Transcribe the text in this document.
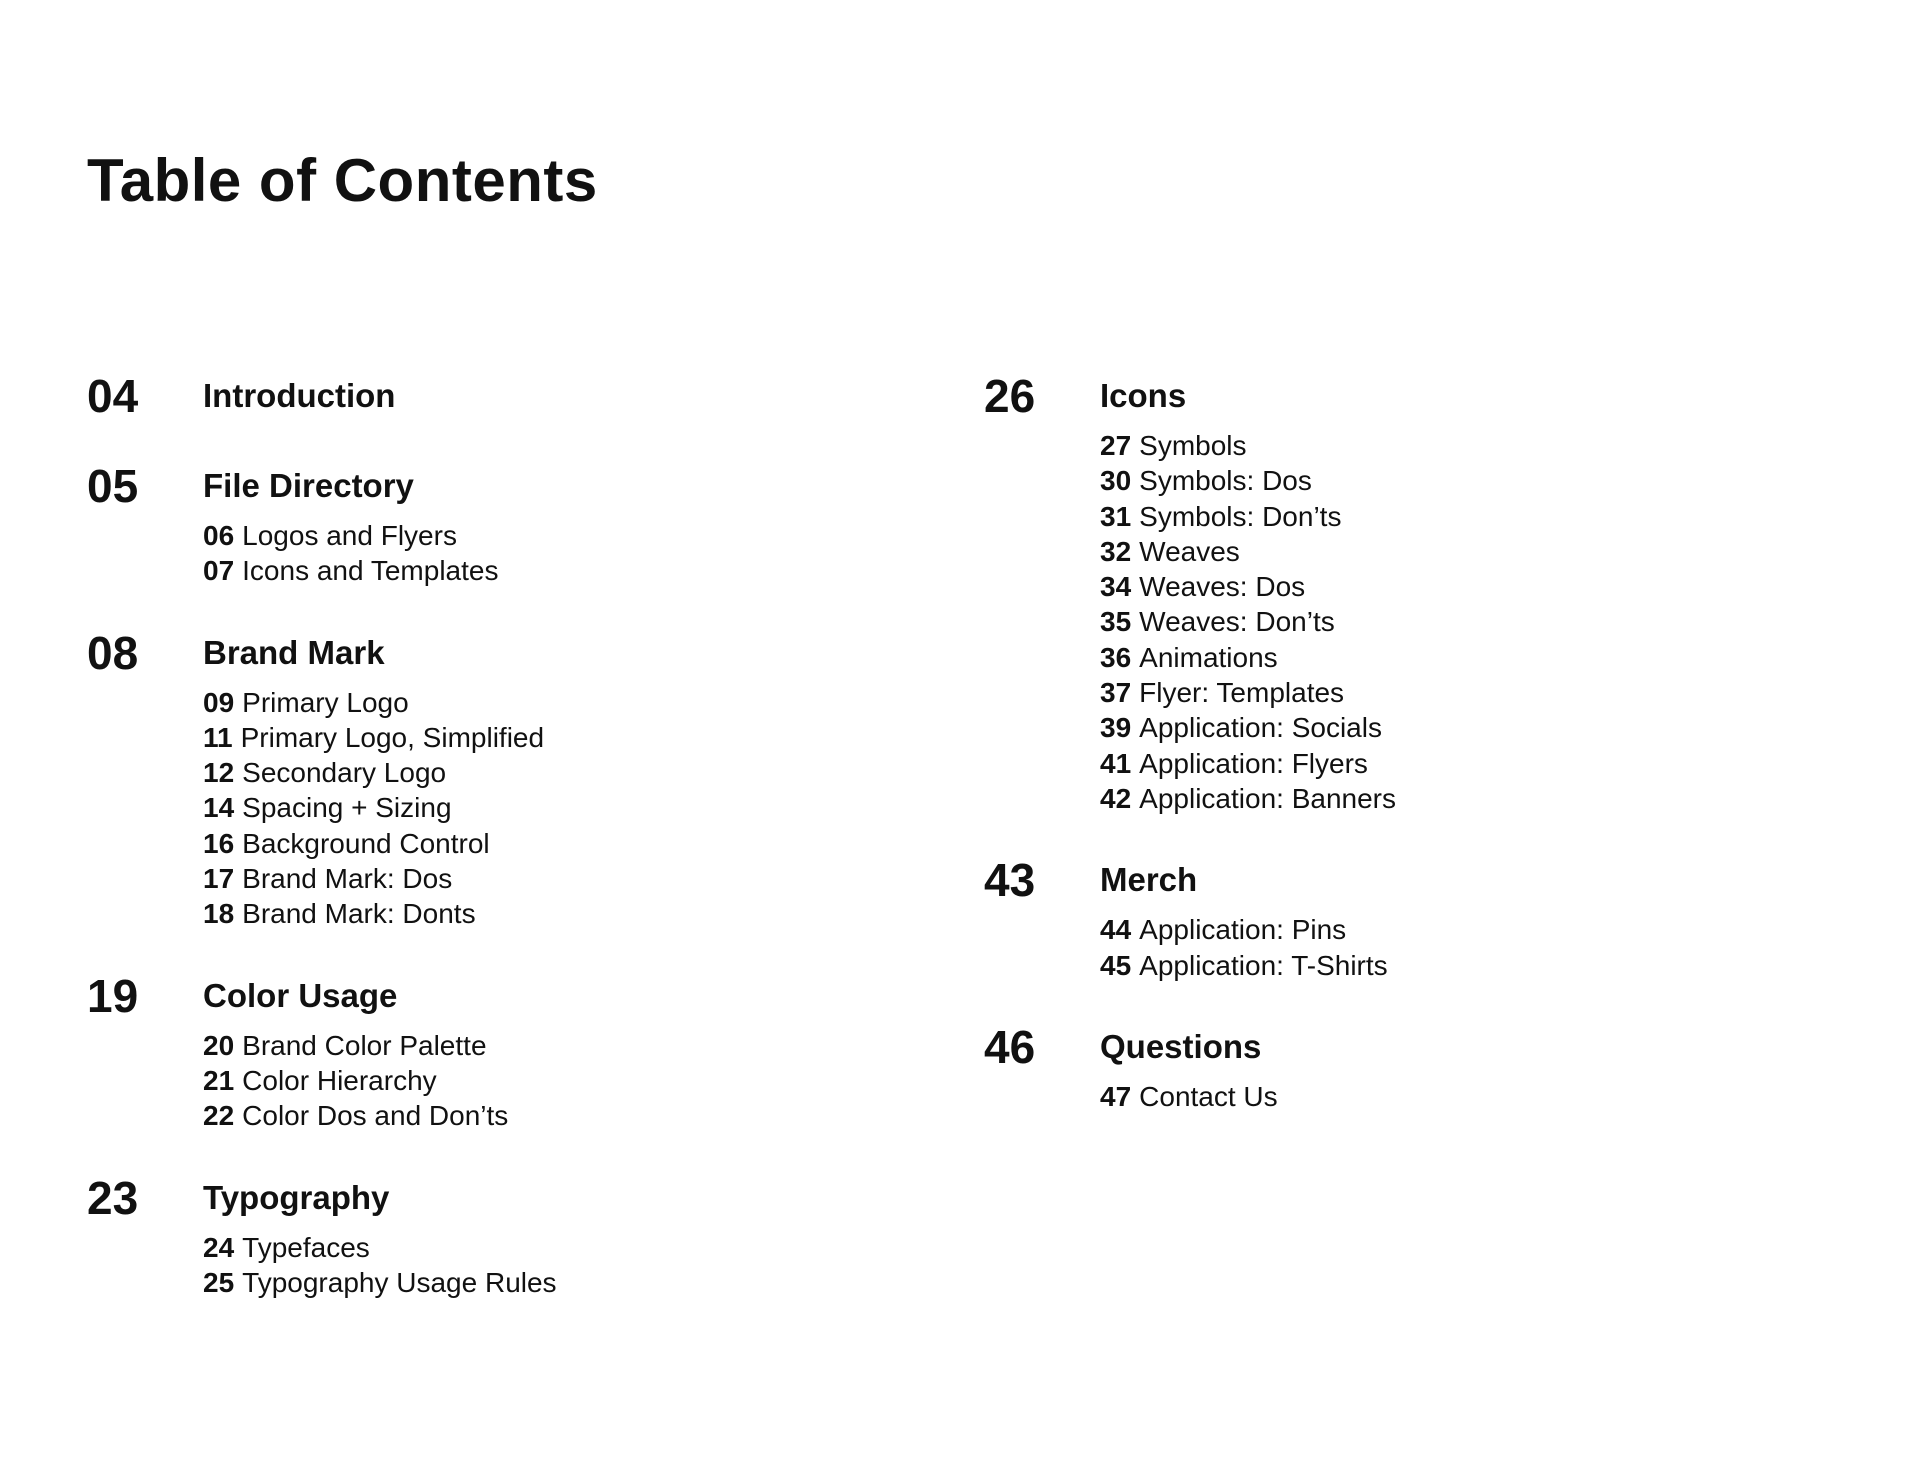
Table of Contents
04 Introduction
05 File Directory
06 Logos and Flyers
07 Icons and Templates
08 Brand Mark
09 Primary Logo
11 Primary Logo, Simplified
12 Secondary Logo
14 Spacing + Sizing
16 Background Control
17 Brand Mark: Dos
18 Brand Mark: Donts
19 Color Usage
20 Brand Color Palette
21 Color Hierarchy
22 Color Dos and Don’ts
23 Typography
24 Typefaces
25 Typography Usage Rules
26 Icons
27 Symbols
30 Symbols: Dos
31 Symbols: Don’ts
32 Weaves
34 Weaves: Dos
35 Weaves: Don’ts
36 Animations
37 Flyer: Templates
39 Application: Socials
41 Application: Flyers
42 Application: Banners
43 Merch
44 Application: Pins
45 Application: T-Shirts
46 Questions
47 Contact Us
